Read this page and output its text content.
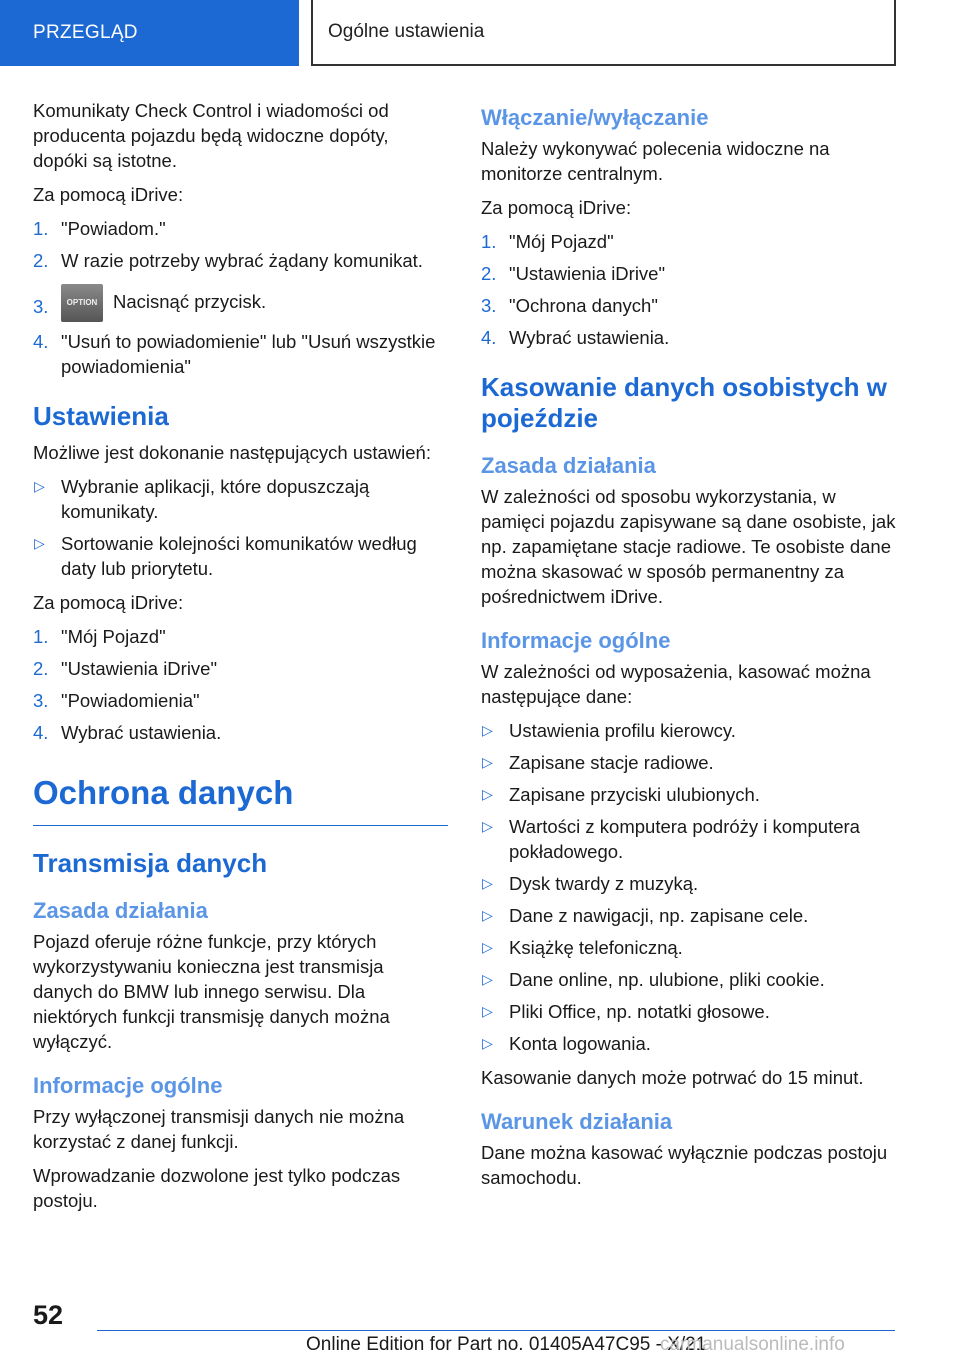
PRZEGLĄD	Ogólne ustawienia

Komunikaty Check Control i wiadomości od producenta pojazdu będą widoczne dopóty, dopóki są istotne.

Za pomocą iDrive:

1. "Powiadom."
2. W razie potrzeby wybrać żądany komunikat.
3. OPTION Nacisnąć przycisk.
4. "Usuń to powiadomienie" lub "Usuń wszystkie powiadomienia"
Ustawienia

Możliwe jest dokonanie następujących ustawień:

▷ Wybranie aplikacji, które dopuszczają komunikaty.
▷ Sortowanie kolejności komunikatów według daty lub priorytetu.

Za pomocą iDrive:

1. "Mój Pojazd"
2. "Ustawienia iDrive"
3. "Powiadomienia"
4. Wybrać ustawienia.
Ochrona danych
Transmisja danych
Zasada działania

Pojazd oferuje różne funkcje, przy których wykorzystywaniu konieczna jest transmisja danych do BMW lub innego serwisu. Dla niektórych funkcji transmisję danych można wyłączyć.

Informacje ogólne

Przy wyłączonej transmisji danych nie można korzystać z danej funkcji.

Wprowadzanie dozwolone jest tylko podczas postoju.

Włączanie/wyłączanie

Należy wykonywać polecenia widoczne na monitorze centralnym.

Za pomocą iDrive:

1. "Mój Pojazd"
2. "Ustawienia iDrive"
3. "Ochrona danych"
4. Wybrać ustawienia.
Kasowanie danych osobistych w pojeździe
Zasada działania

W zależności od sposobu wykorzystania, w pamięci pojazdu zapisywane są dane osobiste, jak np. zapamiętane stacje radiowe. Te osobiste dane można skasować w sposób permanentny za pośrednictwem iDrive.

Informacje ogólne

W zależności od wyposażenia, kasować można następujące dane:

▷ Ustawienia profilu kierowcy.
▷ Zapisane stacje radiowe.
▷ Zapisane przyciski ulubionych.
▷ Wartości z komputera podróży i komputera pokładowego.
▷ Dysk twardy z muzyką.
▷ Dane z nawigacji, np. zapisane cele.
▷ Książkę telefoniczną.
▷ Dane online, np. ulubione, pliki cookie.
▷ Pliki Office, np. notatki głosowe.
▷ Konta logowania.

Kasowanie danych może potrwać do 15 minut.

Warunek działania

Dane można kasować wyłącznie podczas postoju samochodu.

52
Online Edition for Part no. 01405A47C95 - X/21
carmanualsonline.info
